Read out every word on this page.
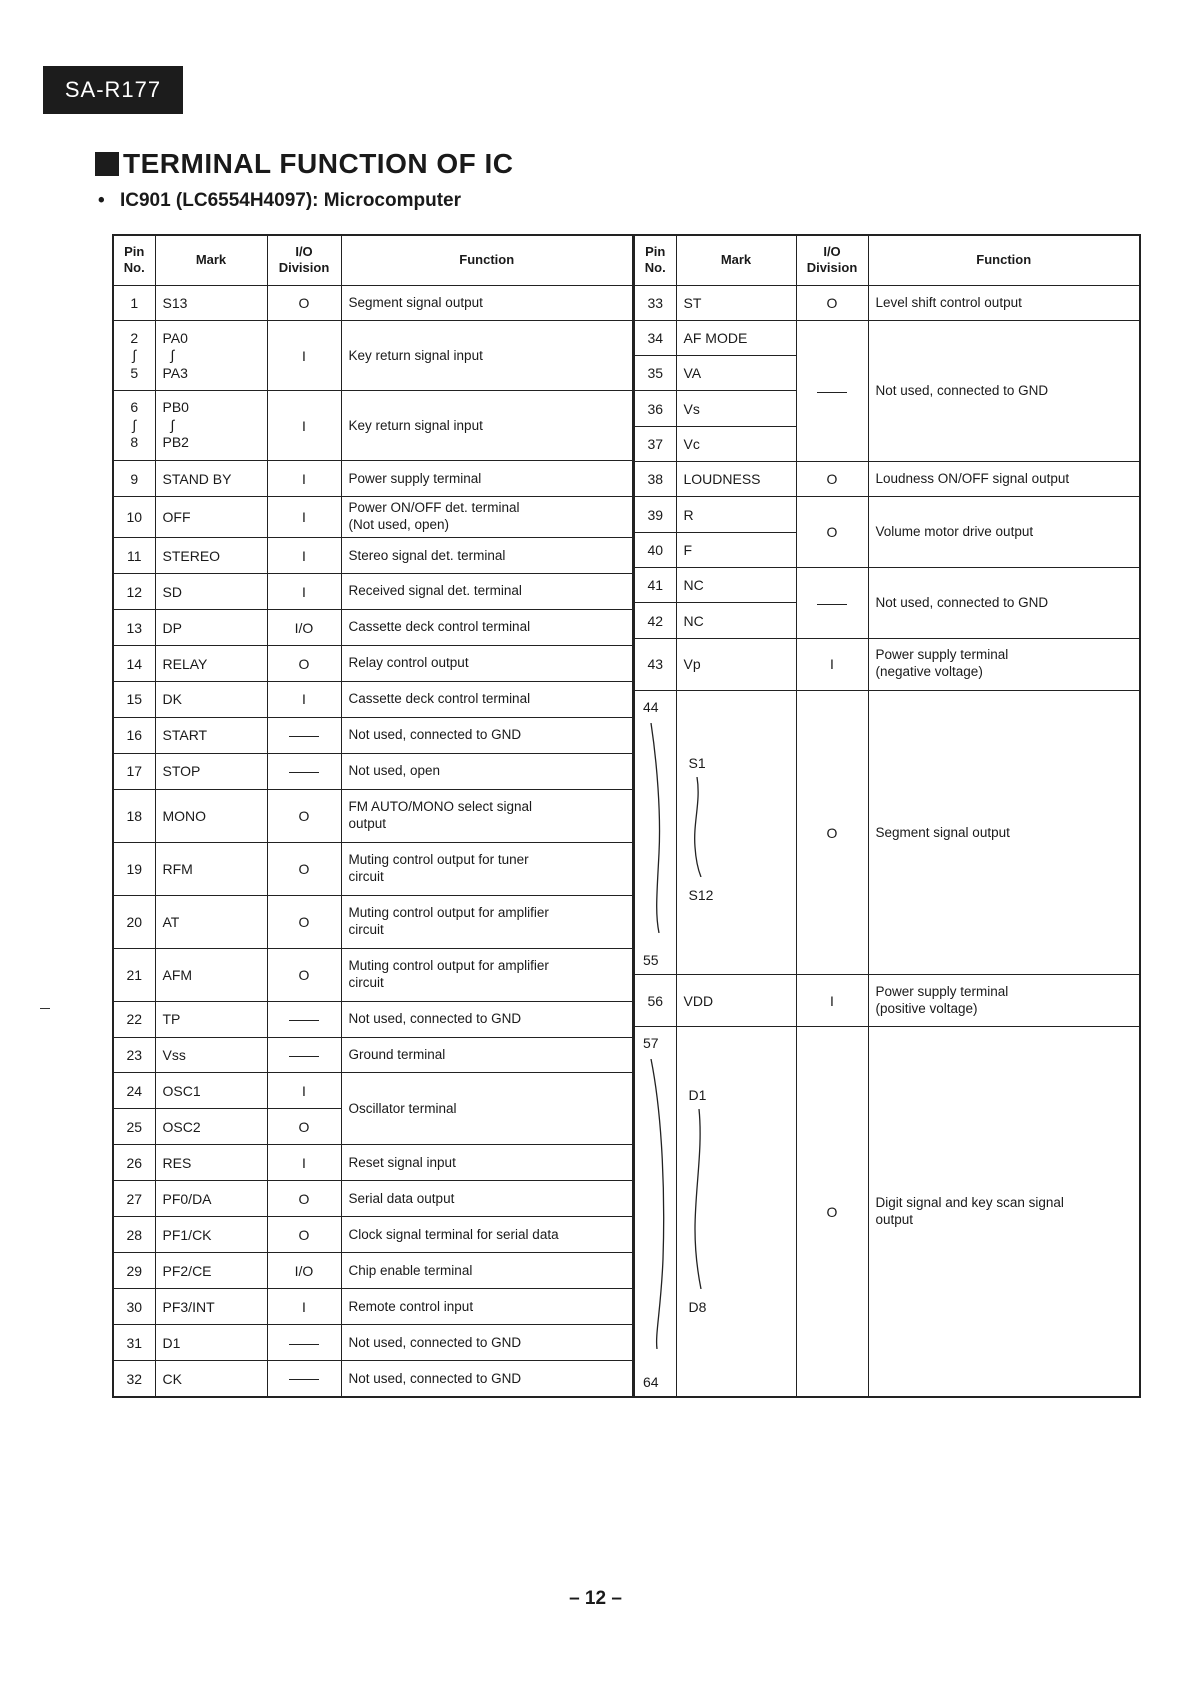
SA-R177
TERMINAL FUNCTION OF IC
• IC901 (LC6554H4097): Microcomputer
Pin No.	Mark	I/O Division	Function
1	S13	O	Segment signal output

2
∫
5	PA0
∫
PA3	I	Key return signal input

6
∫
8	PB0
∫
PB2	I	Key return signal input
9	STAND BY	I	Power supply terminal
10	OFF	I	Power ON/OFF det. terminal
(Not used, open)

11	STEREO	I	Stereo signal det. terminal
12	SD	I	Received signal det. terminal
13	DP	I/O	Cassette deck control terminal
14	RELAY	O	Relay control output
15	DK	I	Cassette deck control terminal
16	START		Not used, connected to GND
17	STOP		Not used, open
18	MONO	O	FM AUTO/MONO select signal
output

19	RFM	O	Muting control output for tuner
circuit

20	AT	O	Muting control output for amplifier
circuit

21	AFM	O	Muting control output for amplifier
circuit

22	TP		Not used, connected to GND
23	Vss		Ground terminal
24	OSC1	I	Oscillator terminal
25	OSC2	O	
26	RES	I	Reset signal input
27	PF0/DA	O	Serial data output
28	PF1/CK	O	Clock signal terminal for serial data
29	PF2/CE	I/O	Chip enable terminal
30	PF3/INT	I	Remote control input
31	D1		Not used, connected to GND
32	CK		Not used, connected to GND
Pin No.	Mark	I/O Division	Function
33	ST	O	Level shift control output
34	AF MODE		Not used, connected to GND
35	VA		
36	Vs		
37	Vc		
38	LOUDNESS	O	Loudness ON/OFF signal output
39	R	O	Volume motor drive output
40	F		
41	NC		Not used, connected to GND
42	NC		
43	Vp	I	Power supply terminal
(negative voltage)

44
55	S1
S12	O	Segment signal output
56	VDD	I	Power supply terminal
(positive voltage)

57
64	D1
D8	O	Digit signal and key scan signal
output
– 12 –
